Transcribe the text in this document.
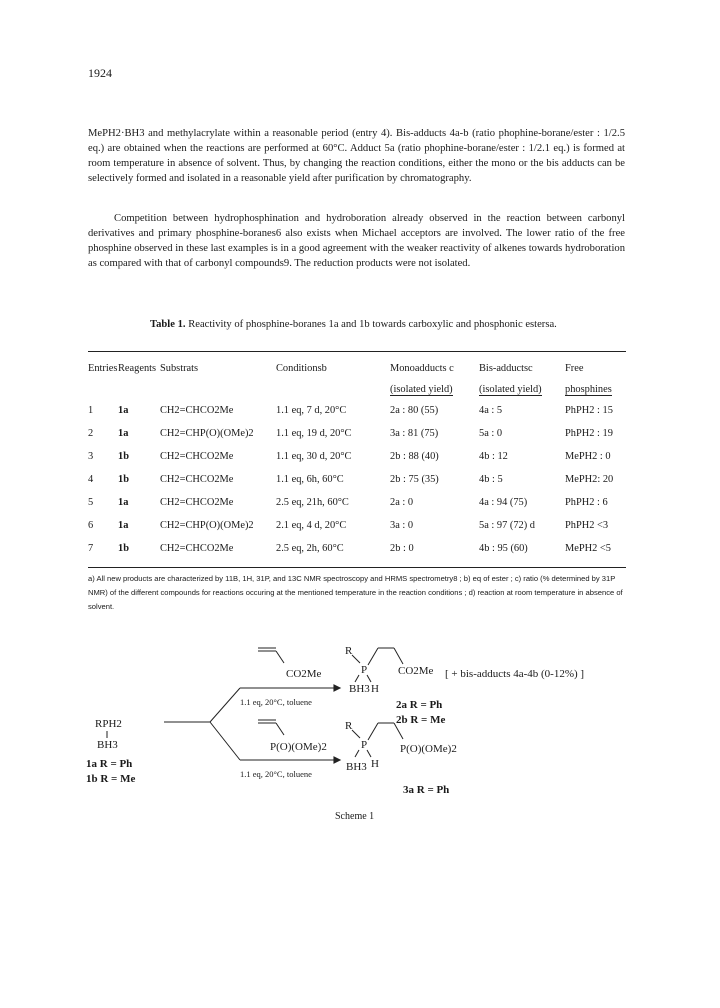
1924

MePH2·BH3 and methylacrylate within a reasonable period (entry 4). Bis-adducts 4a-b (ratio phophine-borane/ester : 1/2.5 eq.) are obtained when the reactions are performed at 60°C. Adduct 5a (ratio phophine-borane/ester : 1/2.1 eq.) is formed at room temperature in absence of solvent. Thus, by changing the reaction conditions, either the mono or the bis adducts can be selectively formed and isolated in a reasonable yield after purification by chromatography.

Competition between hydrophosphination and hydroboration already observed in the reaction between carbonyl derivatives and primary phosphine-boranes6 also exists when Michael acceptors are involved. The lower ratio of the free phosphine observed in these last examples is in a good agreement with the weaker reactivity of alkenes towards hydroboration as compared with that of carbonyl compounds9. The reduction products were not isolated.

Table 1. Reactivity of phosphine-boranes 1a and 1b towards carboxylic and phosphonic estersa.
Entries	Reagents	Substrats	Conditionsb	Monoadducts c	Bis-adductsc	Free
				(isolated yield)	(isolated yield)	phosphines
1	1a	CH2=CHCO2Me	1.1 eq, 7 d, 20°C	2a : 80 (55)	4a : 5	PhPH2 : 15
2	1a	CH2=CHP(O)(OMe)2	1.1 eq, 19 d, 20°C	3a : 81 (75)	5a : 0	PhPH2 : 19
3	1b	CH2=CHCO2Me	1.1 eq, 30 d, 20°C	2b : 88 (40)	4b : 12	MePH2 : 0
4	1b	CH2=CHCO2Me	1.1 eq, 6h, 60°C	2b : 75 (35)	4b : 5	MePH2: 20
5	1a	CH2=CHCO2Me	2.5 eq, 21h, 60°C	2a : 0	4a : 94 (75)	PhPH2 : 6
6	1a	CH2=CHP(O)(OMe)2	2.1 eq, 4 d, 20°C	3a : 0	5a : 97 (72) d	PhPH2 <3
7	1b	CH2=CHCO2Me	2.5 eq, 2h, 60°C	2b : 0	4b : 95 (60)	MePH2 <5
a) All new products are characterized by 11B, 1H, 31P, and 13C NMR spectroscopy and HRMS spectrometry8 ; b) eq of ester ; c) ratio (% determined by 31P NMR) of the different compounds for reactions occuring at the mentioned temperature in the reaction conditions ; d) reaction at room temperature in absence of solvent.
CO2Me
P(O)(OMe)2
1.1 eq, 20°C, toluene
1.1 eq, 20°C, toluene
RPH2
BH3
1a R = Ph
1b R = Me
R
P
BH3 H
CO2Me [ + bis-adducts 4a-4b (0-12%) ]
2a R = Ph
2b R = Me
R
P
BH3 H
P(O)(OMe)2
3a R = Ph
Scheme 1
